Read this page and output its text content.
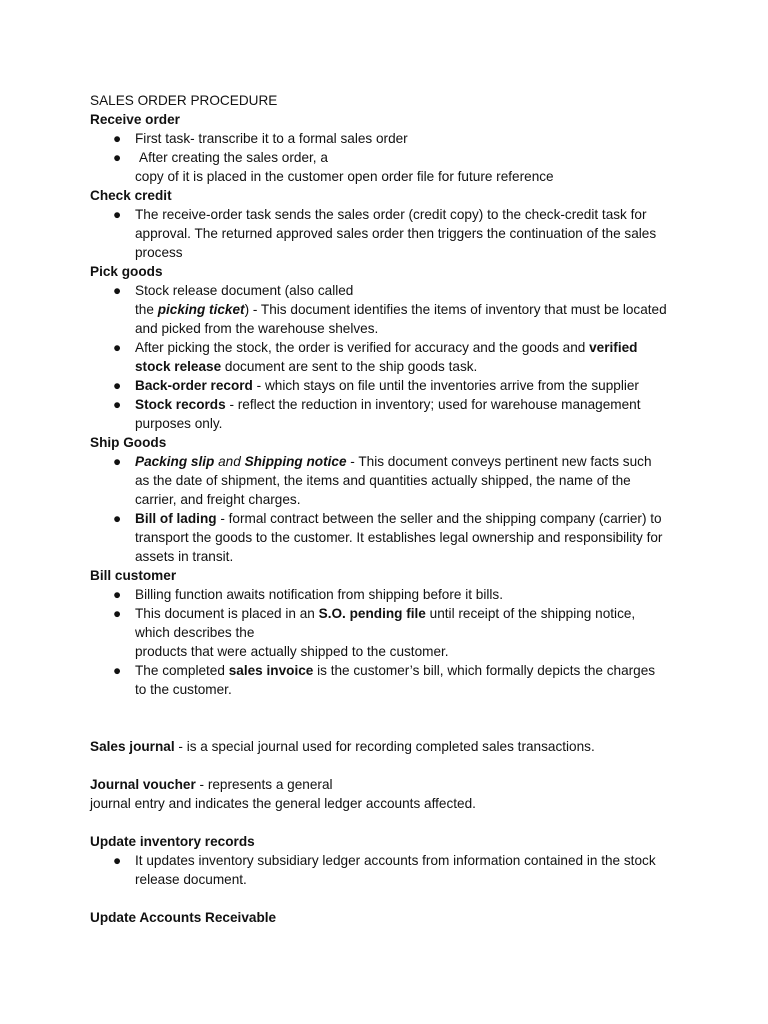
SALES ORDER PROCEDURE
Receive order
● First task- transcribe it to a formal sales order
● After creating the sales order, a
copy of it is placed in the customer open order file for future reference
Check credit
● The receive-order task sends the sales order (credit copy) to the check-credit task for
approval. The returned approved sales order then triggers the continuation of the sales
process
Pick goods
● Stock release document (also called
the picking ticket) - This document identifies the items of inventory that must be located
and picked from the warehouse shelves.
● After picking the stock, the order is verified for accuracy and the goods and verified
stock release document are sent to the ship goods task.
● Back-order record - which stays on file until the inventories arrive from the supplier
● Stock records - reflect the reduction in inventory; used for warehouse management
purposes only.
Ship Goods
● Packing slip and Shipping notice - This document conveys pertinent new facts such
as the date of shipment, the items and quantities actually shipped, the name of the
carrier, and freight charges.
● Bill of lading - formal contract between the seller and the shipping company (carrier) to
transport the goods to the customer. It establishes legal ownership and responsibility for
assets in transit.
Bill customer
● Billing function awaits notification from shipping before it bills.
● This document is placed in an S.O. pending file until receipt of the shipping notice,
which describes the
products that were actually shipped to the customer.
● The completed sales invoice is the customer’s bill, which formally depicts the charges
to the customer.
Sales journal - is a special journal used for recording completed sales transactions.
Journal voucher - represents a general
journal entry and indicates the general ledger accounts affected.
Update inventory records
● It updates inventory subsidiary ledger accounts from information contained in the stock
release document.
Update Accounts Receivable
